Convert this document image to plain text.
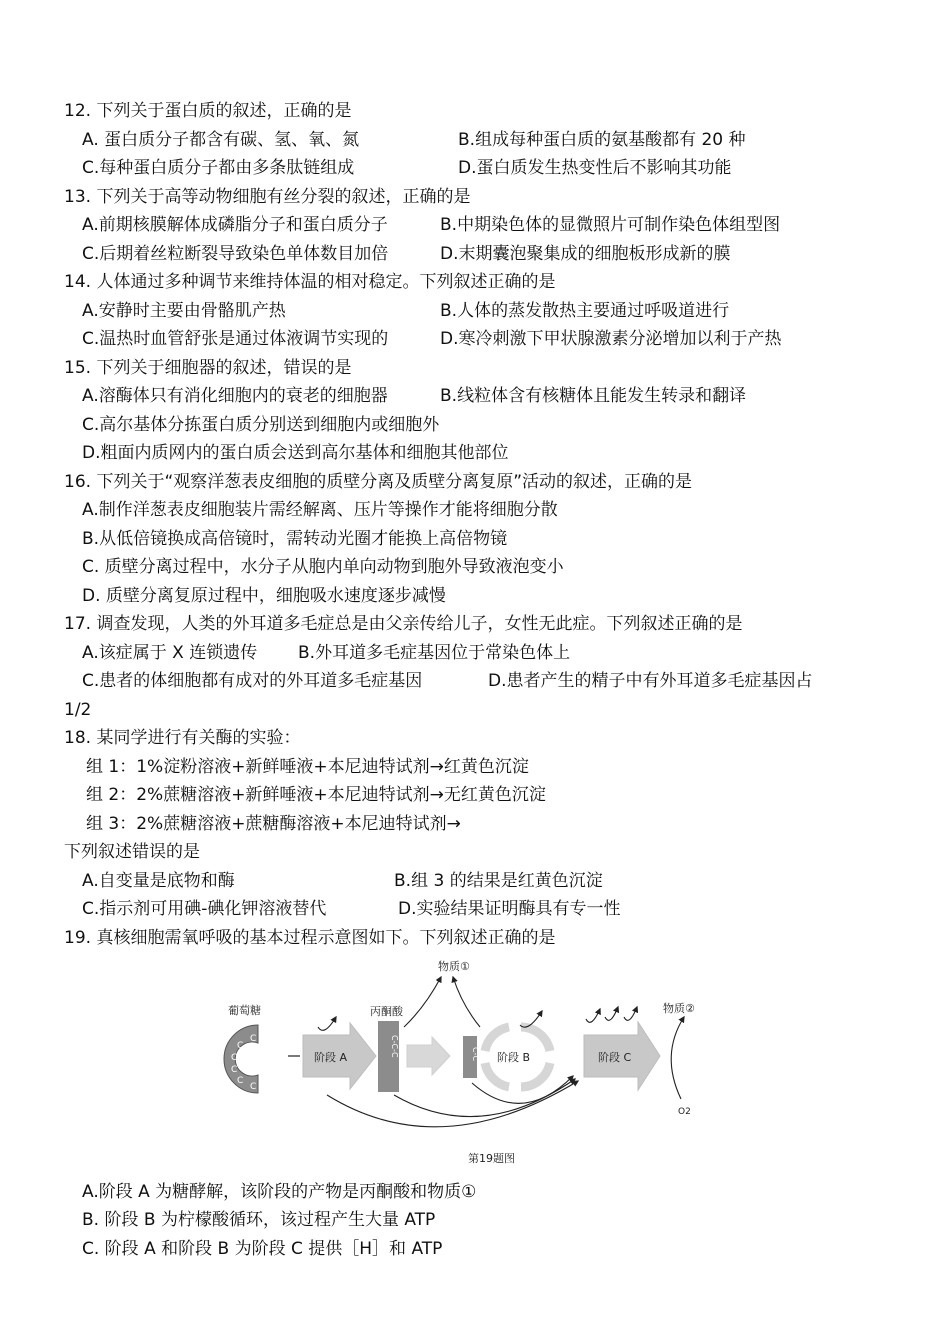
12. 下列关于蛋白质的叙述，正确的是
A. 蛋白质分子都含有碳、氢、氧、氮	B.组成每种蛋白质的氨基酸都有 20 种
C.每种蛋白质分子都由多条肽链组成	D.蛋白质发生热变性后不影响其功能
13. 下列关于高等动物细胞有丝分裂的叙述，正确的是
A.前期核膜解体成磷脂分子和蛋白质分子	B.中期染色体的显微照片可制作染色体组型图
C.后期着丝粒断裂导致染色单体数目加倍	D.末期囊泡聚集成的细胞板形成新的膜
14. 人体通过多种调节来维持体温的相对稳定。下列叙述正确的是
A.安静时主要由骨骼肌产热	B.人体的蒸发散热主要通过呼吸道进行
C.温热时血管舒张是通过体液调节实现的	D.寒冷刺激下甲状腺激素分泌增加以利于产热
15. 下列关于细胞器的叙述，错误的是
A.溶酶体只有消化细胞内的衰老的细胞器	B.线粒体含有核糖体且能发生转录和翻译
C.高尔基体分拣蛋白质分别送到细胞内或细胞外
D.粗面内质网内的蛋白质会送到高尔基体和细胞其他部位
16. 下列关于“观察洋葱表皮细胞的质壁分离及质壁分离复原”活动的叙述，正确的是
A.制作洋葱表皮细胞装片需经解离、压片等操作才能将细胞分散
B.从低倍镜换成高倍镜时，需转动光圈才能换上高倍物镜
C. 质壁分离过程中，水分子从胞内单向动物到胞外导致液泡变小
D. 质壁分离复原过程中，细胞吸水速度逐步减慢
17. 调查发现，人类的外耳道多毛症总是由父亲传给儿子，女性无此症。下列叙述正确的是
A.该症属于 X 连锁遗传 B.外耳道多毛症基因位于常染色体上
C.患者的体细胞都有成对的外耳道多毛症基因	D.患者产生的精子中有外耳道多毛症基因占
1/2
18. 某同学进行有关酶的实验：
组 1：1%淀粉溶液+新鲜唾液+本尼迪特试剂→红黄色沉淀
组 2：2%蔗糖溶液+新鲜唾液+本尼迪特试剂→无红黄色沉淀
组 3：2%蔗糖溶液+蔗糖酶溶液+本尼迪特试剂→
下列叙述错误的是
A.自变量是底物和酶	B.组 3 的结果是红黄色沉淀
C.指示剂可用碘-碘化钾溶液替代	D.实验结果证明酶具有专一性
19. 真核细胞需氧呼吸的基本过程示意图如下。下列叙述正确的是
葡萄糖	丙酮酸
物质①
物质②
O2
C
C
C
C
C
C
阶段 A	C-C-C	C-C 阶段 B	阶段 C
第19题图
A.阶段 A 为糖酵解，该阶段的产物是丙酮酸和物质①
B. 阶段 B 为柠檬酸循环，该过程产生大量 ATP
C. 阶段 A 和阶段 B 为阶段 C 提供［H］和 ATP
